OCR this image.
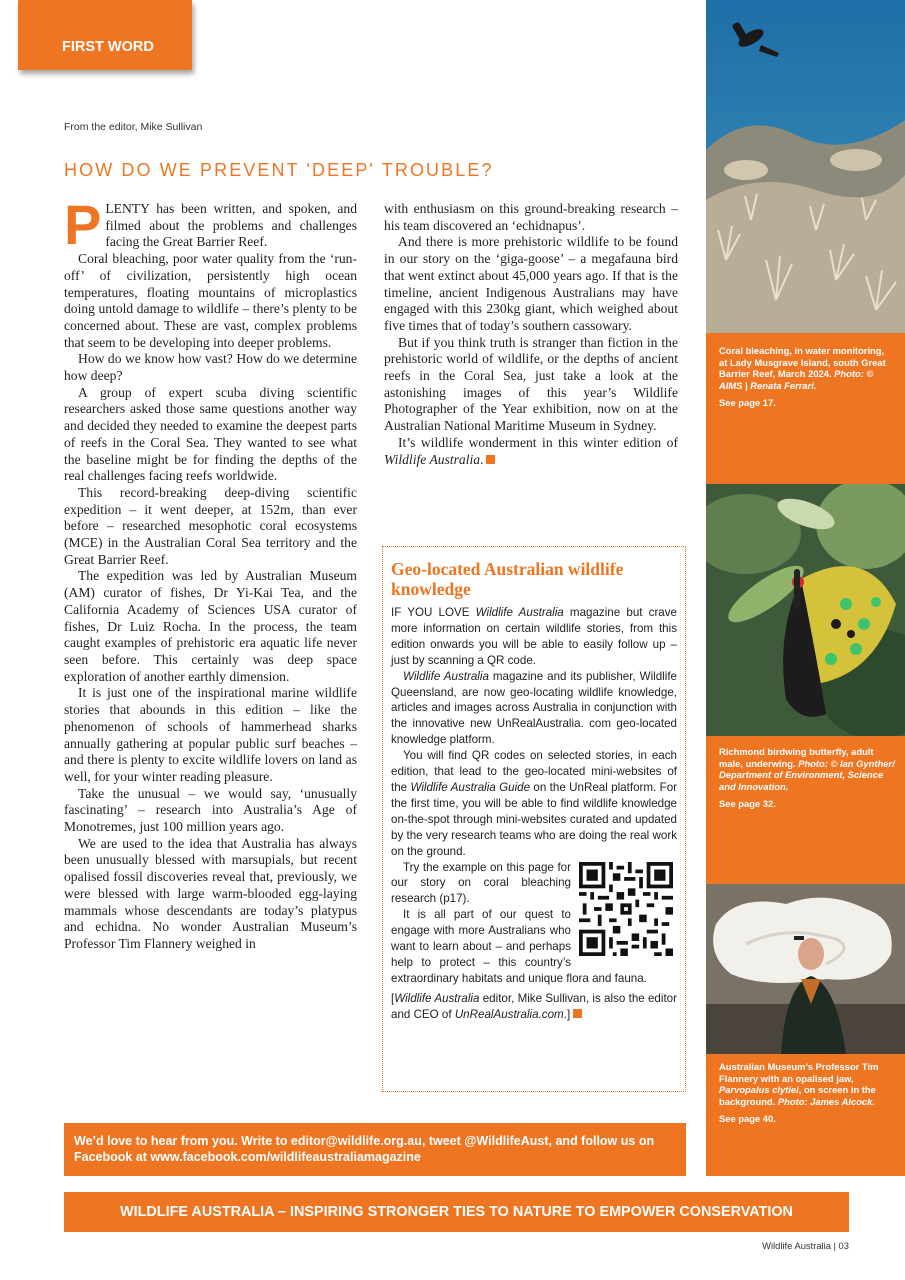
FIRST WORD
From the editor, Mike Sullivan
HOW DO WE PREVENT 'DEEP' TROUBLE?

PLENTY has been written, and spoken, and filmed about the problems and challenges facing the Great Barrier Reef.

Coral bleaching, poor water quality from the ‘run-off’ of civilization, persistently high ocean temperatures, floating mountains of microplastics doing untold damage to wildlife – there’s plenty to be concerned about. These are vast, complex problems that seem to be developing into deeper problems.

How do we know how vast? How do we determine how deep?

A group of expert scuba diving scientific researchers asked those same questions another way and decided they needed to examine the deepest parts of reefs in the Coral Sea. They wanted to see what the baseline might be for finding the depths of the real challenges facing reefs worldwide.

This record-breaking deep-diving scientific expedition – it went deeper, at 152m, than ever before – researched mesophotic coral ecosystems (MCE) in the Australian Coral Sea territory and the Great Barrier Reef.

The expedition was led by Australian Museum (AM) curator of fishes, Dr Yi-Kai Tea, and the California Academy of Sciences USA curator of fishes, Dr Luiz Rocha. In the process, the team caught examples of prehistoric era aquatic life never seen before. This certainly was deep space exploration of another earthly dimension.

It is just one of the inspirational marine wildlife stories that abounds in this edition – like the phenomenon of schools of hammerhead sharks annually gathering at popular public surf beaches – and there is plenty to excite wildlife lovers on land as well, for your winter reading pleasure.

Take the unusual – we would say, ‘unusually fascinating’ – research into Australia’s Age of Monotremes, just 100 million years ago.

We are used to the idea that Australia has always been unusually blessed with marsupials, but recent opalised fossil discoveries reveal that, previously, we were blessed with large warm-blooded egg-laying mammals whose descendants are today’s platypus and echidna. No wonder Australian Museum’s Professor Tim Flannery weighed in

with enthusiasm on this ground-breaking research – his team discovered an ‘echidnapus’.

And there is more prehistoric wildlife to be found in our story on the ‘giga-goose’ – a megafauna bird that went extinct about 45,000 years ago. If that is the timeline, ancient Indigenous Australians may have engaged with this 230kg giant, which weighed about five times that of today’s southern cassowary.

But if you think truth is stranger than fiction in the prehistoric world of wildlife, or the depths of ancient reefs in the Coral Sea, just take a look at the astonishing images of this year’s Wildlife Photographer of the Year exhibition, now on at the Australian National Maritime Museum in Sydney.

It’s wildlife wonderment in this winter edition of Wildlife Australia.

Geo-located Australian wildlife knowledge

IF YOU LOVE Wildlife Australia magazine but crave more information on certain wildlife stories, from this edition onwards you will be able to easily follow up – just by scanning a QR code.

Wildlife Australia magazine and its publisher, Wildlife Queensland, are now geo-locating wildlife knowledge, articles and images across Australia in conjunction with the innovative new UnRealAustralia. com geo-located knowledge platform.

You will find QR codes on selected stories, in each edition, that lead to the geo-located mini-websites of the Wildlife Australia Guide on the UnReal platform. For the first time, you will be able to find wildlife knowledge on-the-spot through mini-websites curated and updated by the very research teams who are doing the real work on the ground.

Try the example on this page for our story on coral bleaching research (p17).

It is all part of our quest to engage with more Australians who want to learn about – and perhaps help to protect – this country’s extraordinary habitats and unique flora and fauna.

[Wildlife Australia editor, Mike Sullivan, is also the editor and CEO of UnRealAustralia.com.]

Coral bleaching, in water monitoring, at Lady Musgrave Island, south Great Barrier Reef, March 2024. Photo: © AIMS | Renata Ferrari.
See page 17.
Richmond birdwing butterfly, adult male, underwing. Photo: © Ian Gynther/ Department of Environment, Science and Innovation.
See page 32.
Australian Museum’s Professor Tim Flannery with an opalised jaw, Parvopalus clytiei, on screen in the background. Photo: James Alcock.
See page 40.
We’d love to hear from you. Write to editor@wildlife.org.au, tweet @WildlifeAust, and follow us on Facebook at www.facebook.com/wildlifeaustraliamagazine
WILDLIFE AUSTRALIA – INSPIRING STRONGER TIES TO NATURE TO EMPOWER CONSERVATION
Wildlife Australia | 03
